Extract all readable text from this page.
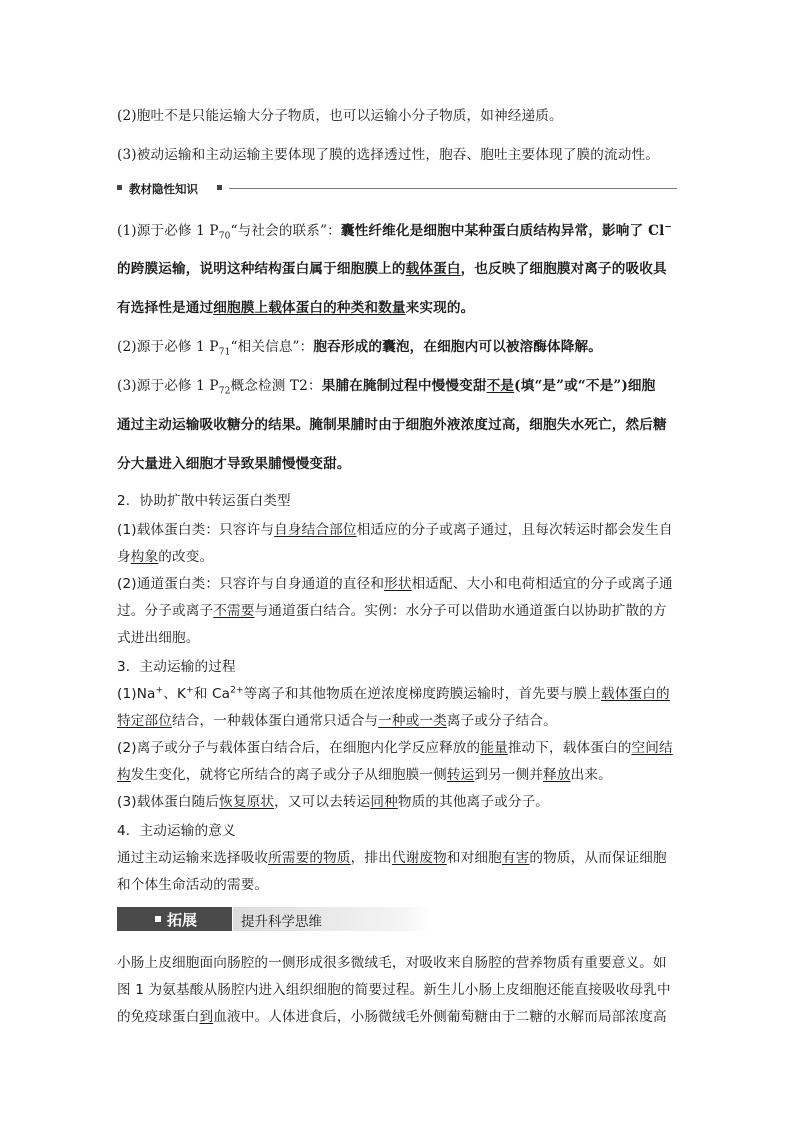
(2)胞吐不是只能运输大分子物质，也可以运输小分子物质，如神经递质。
(3)被动运输和主动运输主要体现了膜的选择透过性，胞吞、胞吐主要体现了膜的流动性。
教材隐性知识
(1)源于必修 1 $P_{70}“$与社会的联系”：囊性纤维化是细胞中某种蛋白质结构异常，影响了 Cl−
的跨膜运输，说明这种结构蛋白属于细胞膜上的载体蛋白，也反映了细胞膜对离子的吸收具
有选择性是通过细胞膜上载体蛋白的种类和数量来实现的。
(2)源于必修 1 $P_{71}“$相关信息”：胞吞形成的囊泡，在细胞内可以被溶酶体降解。
(3)源于必修 1 $P_{72}$概念检测 T2：果脯在腌制过程中慢慢变甜不是(填“是”或“不是”)细胞
通过主动运输吸收糖分的结果。腌制果脯时由于细胞外液浓度过高，细胞失水死亡，然后糖
分大量进入细胞才导致果脯慢慢变甜。
2．协助扩散中转运蛋白类型
(1)载体蛋白类：只容许与自身结合部位相适应的分子或离子通过，且每次转运时都会发生自
身构象的改变。
(2)通道蛋白类：只容许与自身通道的直径和形状相适配、大小和电荷相适宜的分子或离子通
过。分子或离子不需要与通道蛋白结合。实例：水分子可以借助水通道蛋白以协助扩散的方
式进出细胞。
3．主动运输的过程
(1)Na+、K+和 $Ca^{2+}$等离子和其他物质在逆浓度梯度跨膜运输时，首先要与膜上载体蛋白的
特定部位结合，一种载体蛋白通常只适合与一种或一类离子或分子结合。
(2)离子或分子与载体蛋白结合后，在细胞内化学反应释放的能量推动下，载体蛋白的空间结
构发生变化，就将它所结合的离子或分子从细胞膜一侧转运到另一侧并释放出来。
(3)载体蛋白随后恢复原状，又可以去转运同种物质的其他离子或分子。
4．主动运输的意义
通过主动运输来选择吸收所需要的物质，排出代谢废物和对细胞有害的物质，从而保证细胞
和个体生命活动的需要。
拓展	提升科学思维
小肠上皮细胞面向肠腔的一侧形成很多微绒毛，对吸收来自肠腔的营养物质有重要意义。如
图 1 为氨基酸从肠腔内进入组织细胞的简要过程。新生儿小肠上皮细胞还能直接吸收母乳中
的免疫球蛋白到血液中。人体进食后，小肠微绒毛外侧葡萄糖由于二糖的水解而局部浓度高
